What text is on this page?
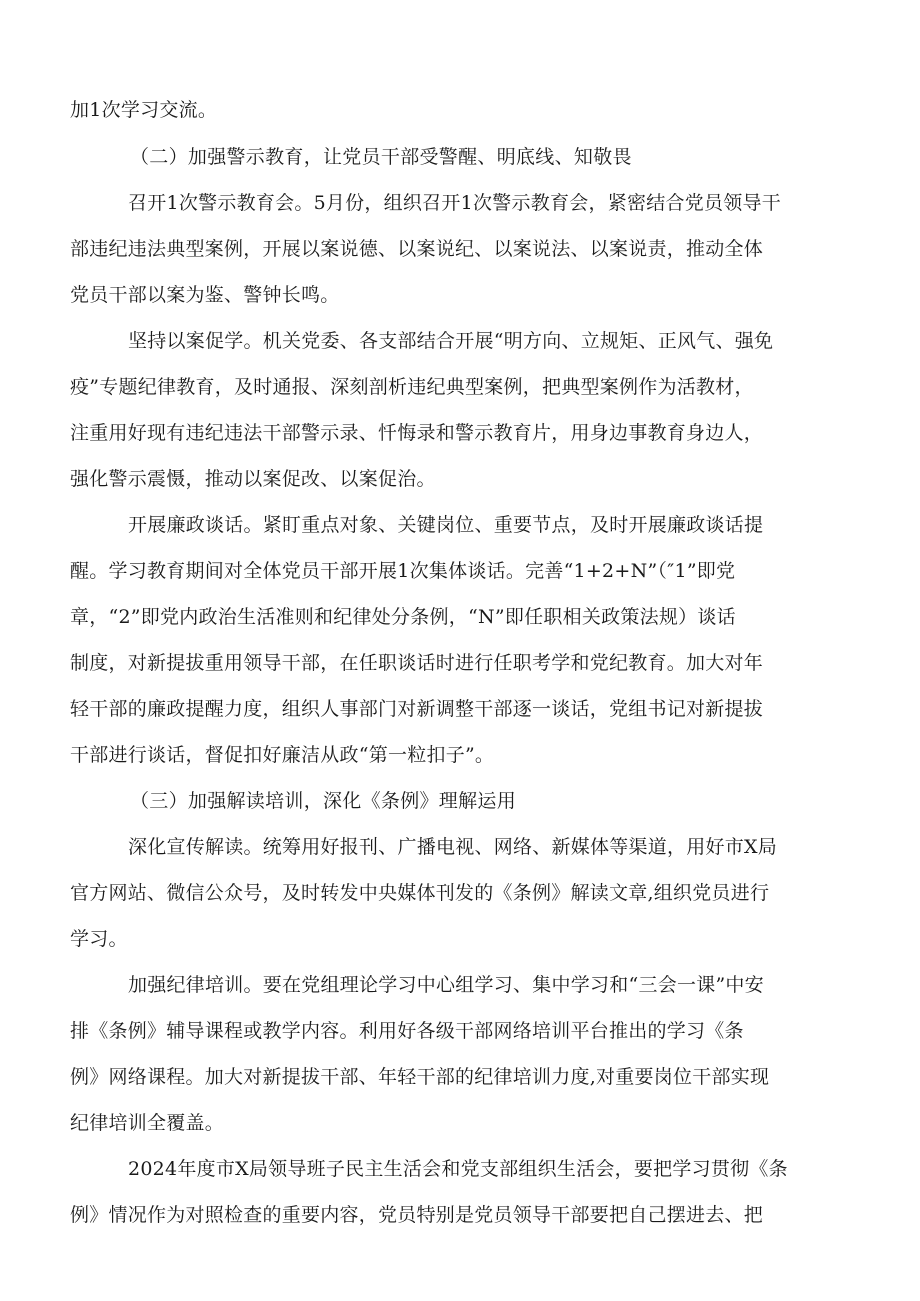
加1次学习交流。

（二）加强警示教育，让党员干部受警醒、明底线、知敬畏

召开1次警示教育会。5月份，组织召开1次警示教育会，紧密结合党员领导干

部违纪违法典型案例，开展以案说德、以案说纪、以案说法、以案说责，推动全体

党员干部以案为鉴、警钟长鸣。

坚持以案促学。机关党委、各支部结合开展“明方向、立规矩、正风气、强免

疫”专题纪律教育，及时通报、深刻剖析违纪典型案例，把典型案例作为活教材，

注重用好现有违纪违法干部警示录、忏悔录和警示教育片，用身边事教育身边人，

强化警示震慑，推动以案促改、以案促治。

开展廉政谈话。紧盯重点对象、关键岗位、重要节点，及时开展廉政谈话提

醒。学习教育期间对全体党员干部开展1次集体谈话。完善“1+2+N”（″1”即党

章，“2”即党内政治生活准则和纪律处分条例，“N”即任职相关政策法规）谈话

制度，对新提拔重用领导干部，在任职谈话时进行任职考学和党纪教育。加大对年

轻干部的廉政提醒力度，组织人事部门对新调整干部逐一谈话，党组书记对新提拔

干部进行谈话，督促扣好廉洁从政“第一粒扣子”。

（三）加强解读培训，深化《条例》理解运用

深化宣传解读。统筹用好报刊、广播电视、网络、新媒体等渠道，用好市X局

官方网站、微信公众号，及时转发中央媒体刊发的《条例》解读文章,组织党员进行

学习。

加强纪律培训。要在党组理论学习中心组学习、集中学习和“三会一课”中安

排《条例》辅导课程或教学内容。利用好各级干部网络培训平台推出的学习《条

例》网络课程。加大对新提拔干部、年轻干部的纪律培训力度,对重要岗位干部实现

纪律培训全覆盖。

2024年度市X局领导班子民主生活会和党支部组织生活会，要把学习贯彻《条

例》情况作为对照检查的重要内容，党员特别是党员领导干部要把自己摆进去、把
